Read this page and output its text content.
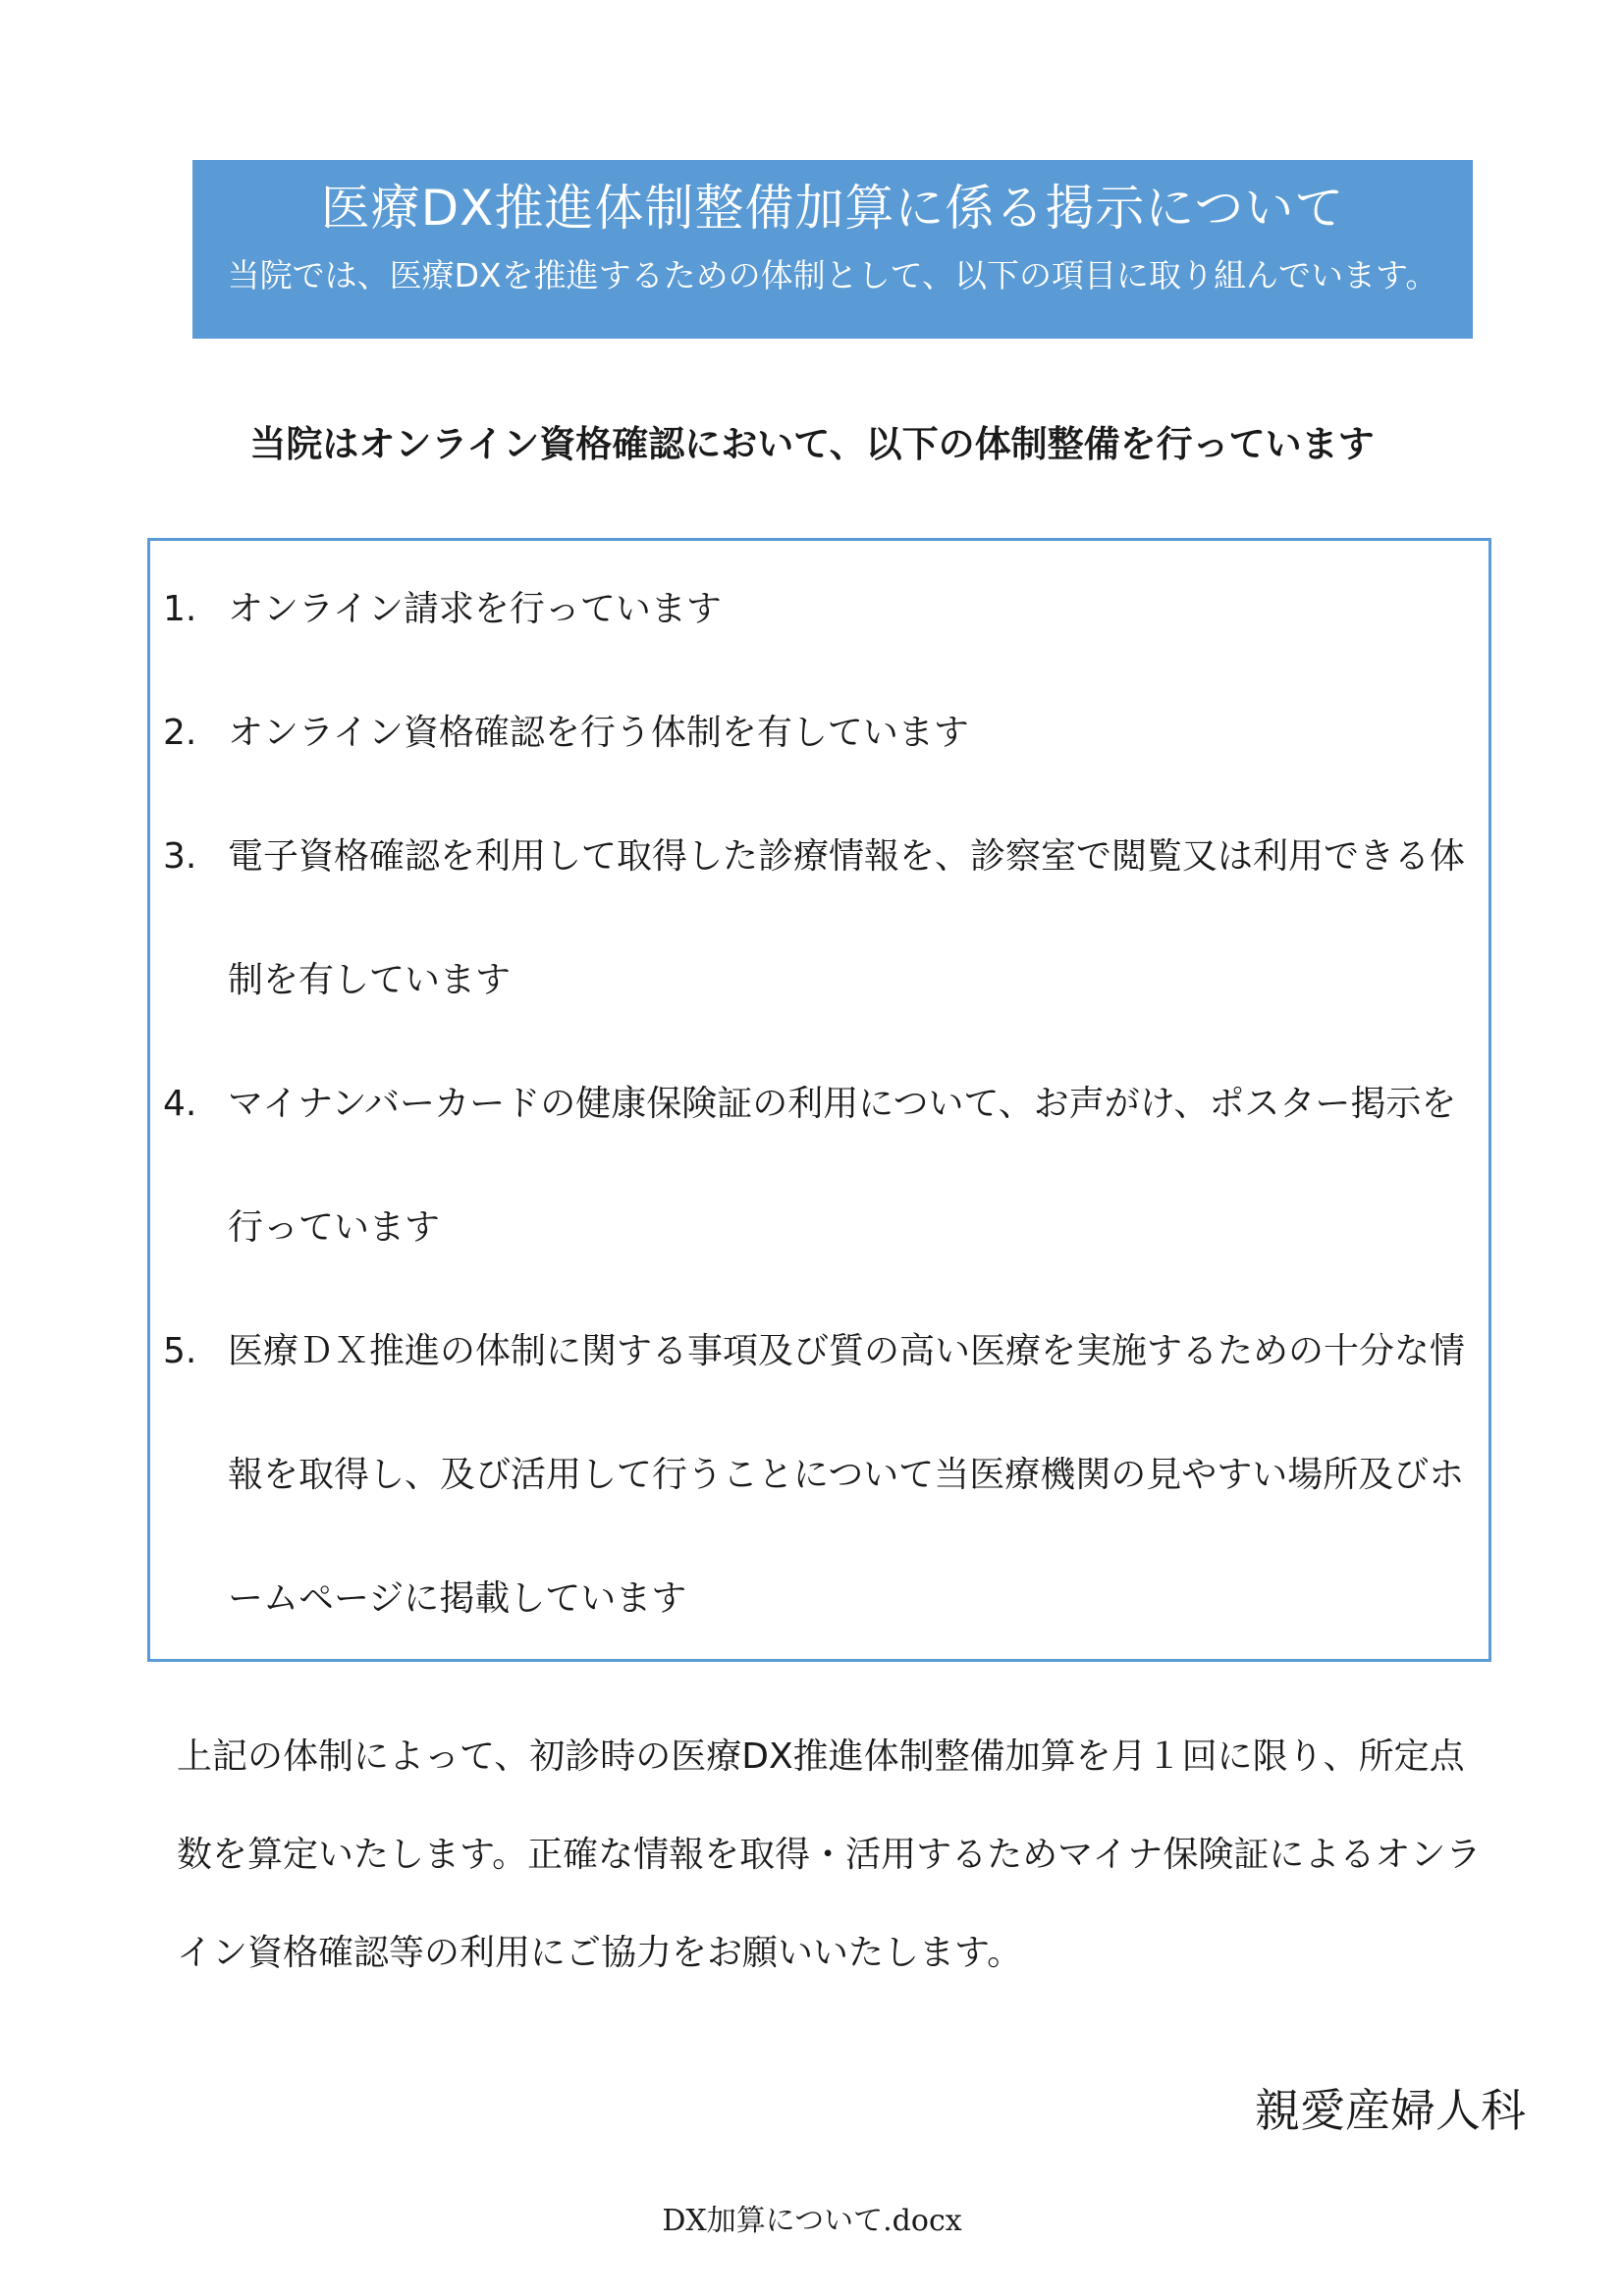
医療DX推進体制整備加算に係る掲示について
当院では、医療DXを推進するための体制として、以下の項目に取り組んでいます。
当院はオンライン資格確認において、以下の体制整備を行っています
1. オンライン請求を行っています
2. オンライン資格確認を行う体制を有しています
3. 電子資格確認を利用して取得した診療情報を、診察室で閲覧又は利用できる体制を有しています
4. マイナンバーカードの健康保険証の利用について、お声がけ、ポスター掲示を行っています
5. 医療ＤＸ推進の体制に関する事項及び質の高い医療を実施するための十分な情報を取得し、及び活用して行うことについて当医療機関の見やすい場所及びホームページに掲載しています

上記の体制によって、初診時の医療DX推進体制整備加算を月１回に限り、所定点数を算定いたします。正確な情報を取得・活用するためマイナ保険証によるオンライン資格確認等の利用にご協力をお願いいたします。

親愛産婦人科
DX加算について.docx
